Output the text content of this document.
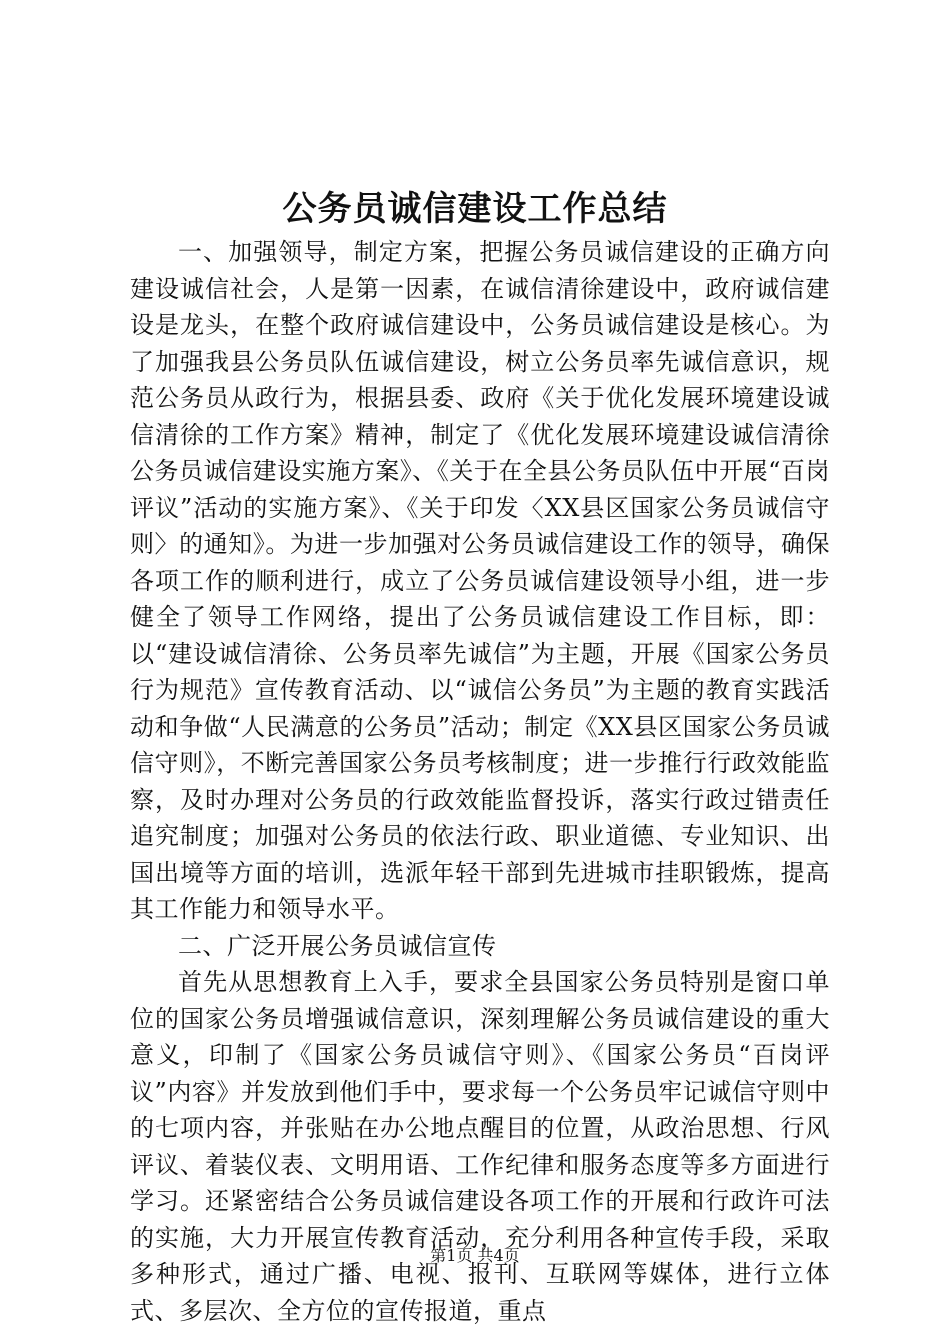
公务员诚信建设工作总结

一、加强领导，制定方案，把握公务员诚信建设的正确方向建设诚信社会，人是第一因素，在诚信清徐建设中，政府诚信建设是龙头，在整个政府诚信建设中，公务员诚信建设是核心。为了加强我县公务员队伍诚信建设，树立公务员率先诚信意识，规范公务员从政行为，根据县委、政府《关于优化发展环境建设诚信清徐的工作方案》精神，制定了《优化发展环境建设诚信清徐公务员诚信建设实施方案》、《关于在全县公务员队伍中开展“百岗评议”活动的实施方案》、《关于印发〈XX县区国家公务员诚信守则〉的通知》。为进一步加强对公务员诚信建设工作的领导，确保各项工作的顺利进行，成立了公务员诚信建设领导小组，进一步健全了领导工作网络，提出了公务员诚信建设工作目标，即：以“建设诚信清徐、公务员率先诚信”为主题，开展《国家公务员行为规范》宣传教育活动、以“诚信公务员”为主题的教育实践活动和争做“人民满意的公务员”活动；制定《XX县区国家公务员诚信守则》，不断完善国家公务员考核制度；进一步推行行政效能监察，及时办理对公务员的行政效能监督投诉，落实行政过错责任追究制度；加强对公务员的依法行政、职业道德、专业知识、出国出境等方面的培训，选派年轻干部到先进城市挂职锻炼，提高其工作能力和领导水平。

二、广泛开展公务员诚信宣传

首先从思想教育上入手，要求全县国家公务员特别是窗口单位的国家公务员增强诚信意识，深刻理解公务员诚信建设的重大意义，印制了《国家公务员诚信守则》、《国家公务员“百岗评议”内容》并发放到他们手中，要求每一个公务员牢记诚信守则中的七项内容，并张贴在办公地点醒目的位置，从政治思想、行风评议、着装仪表、文明用语、工作纪律和服务态度等多方面进行学习。还紧密结合公务员诚信建设各项工作的开展和行政许可法的实施，大力开展宣传教育活动，充分利用各种宣传手段，采取多种形式，通过广播、电视、报刊、互联网等媒体，进行立体式、多层次、全方位的宣传报道，重点

第1页 共4页
